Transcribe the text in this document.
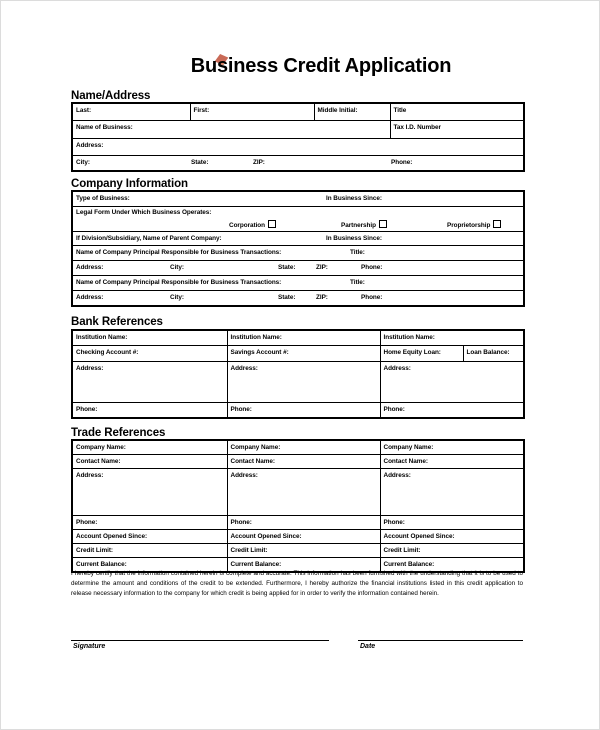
Business Credit Application
Name/Address
Last:	First:	Middle Initial:	Title

Name of Business:			Tax I.D. Number

Address:			

City: State: ZIP: Phone:			
Company Information
Type of Business:	In Business Since:

Legal Form Under Which Business Operates:
Corporation	Partnership	Proprietorship

If Division/Subsidiary, Name of Parent Company:	In Business Since:

Name of Company Principal Responsible for Business Transactions:	Title:

Address:	City:	State:	ZIP:	Phone:

Name of Company Principal Responsible for Business Transactions:	Title:

Address:	City:	State:	ZIP:	Phone:
Bank References
Institution Name:	Institution Name:	Institution Name:	

Checking Account #:	Savings Account #:	Home Equity Loan:	Loan Balance:

Address:	Address:	Address:	

Phone:	Phone:	Phone:	
Trade References
Company Name:	Company Name:	Company Name:

Contact Name:	Contact Name:	Contact Name:

Address:	Address:	Address:

Phone:	Phone:	Phone:

Account Opened Since:	Account Opened Since:	Account Opened Since:

Credit Limit:	Credit Limit:	Credit Limit:

Current Balance:	Current Balance:	Current Balance:
I hereby certify that the information contained herein is complete and accurate. This information has been furnished with the understanding that it is to be used to determine the amount and conditions of the credit to be extended. Furthermore, I hereby authorize the financial institutions listed in this credit application to release necessary information to the company for which credit is being applied for in order to verify the information contained herein.
Signature	Date
